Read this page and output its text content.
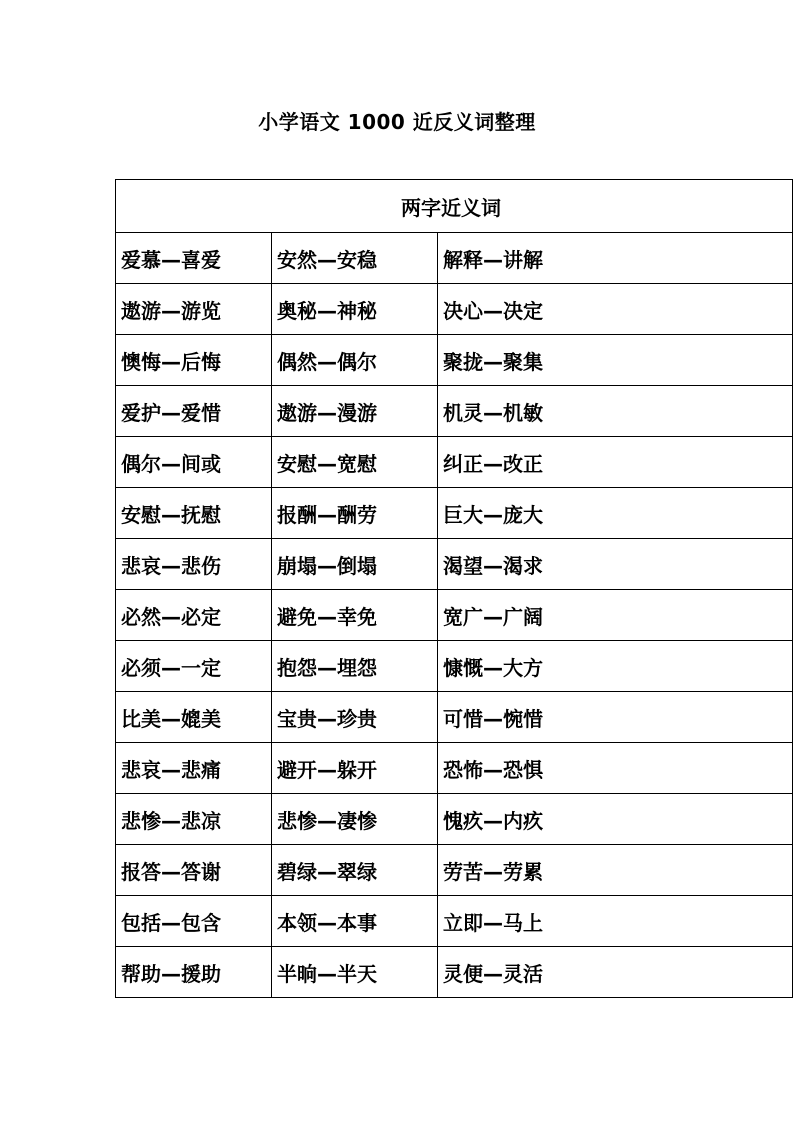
小学语文 1000 近反义词整理
两字近义词		
爱慕—喜爱	安然—安稳	解释—讲解
遨游—游览	奥秘—神秘	决心—决定
懊悔—后悔	偶然—偶尔	聚拢—聚集
爱护—爱惜	遨游—漫游	机灵—机敏
偶尔—间或	安慰—宽慰	纠正—改正
安慰—抚慰	报酬—酬劳	巨大—庞大
悲哀—悲伤	崩塌—倒塌	渴望—渴求
必然—必定	避免—幸免	宽广—广阔
必须—一定	抱怨—埋怨	慷慨—大方
比美—媲美	宝贵—珍贵	可惜—惋惜
悲哀—悲痛	避开—躲开	恐怖—恐惧
悲惨—悲凉	悲惨—凄惨	愧疚—内疚
报答—答谢	碧绿—翠绿	劳苦—劳累
包括—包含	本领—本事	立即—马上
帮助—援助	半晌—半天	灵便—灵活
